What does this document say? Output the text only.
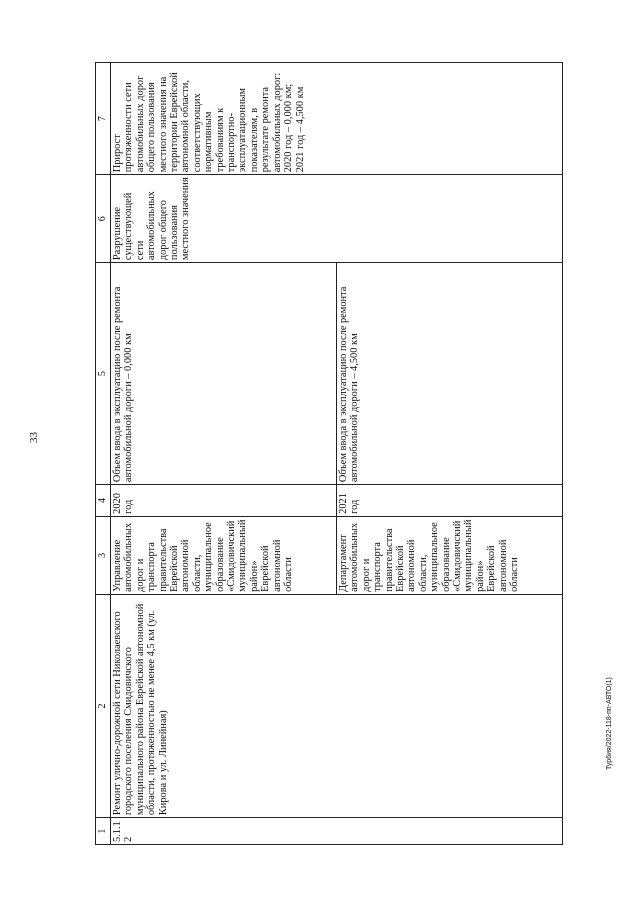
33
Тур6ия/2022-118-пп-АВТО(1)
1	2	3	4	5	6	7
5.1.12	Ремонт улично-дорожной сети Николаевского городского поселения Смидовичского муниципального района Еврейской автономной области, протяженностью не менее 4,5 км (ул. Кирова и ул. Линейная)	Управление автомобильных дорог и транспорта правительства Еврейской автономной области, муниципальное образование «Смидовичский муниципальный район» Еврейской автономной области	2020 год	Объем ввода в эксплуатацию после ремонта автомобильной дороги – 0,000 км	Разрушение существующей сети автомобильных дорог общего пользования местного значения	Прирост протяженности сети автомобильных дорог общего пользования местного значения на территории Еврейской автономной области, соответствующих нормативным требованиям к транспортно-эксплуатационным показателям, в результате ремонта автомобильных дорог: 2020 год – 0,000 км; 2021 год – 4,500 км
		Департамент автомобильных дорог и транспорта правительства Еврейской автономной области, муниципальное образование «Смидовичский муниципальный район» Еврейской автономной области	2021 год	Объем ввода в эксплуатацию после ремонта автомобильной дороги – 4,500 км		
